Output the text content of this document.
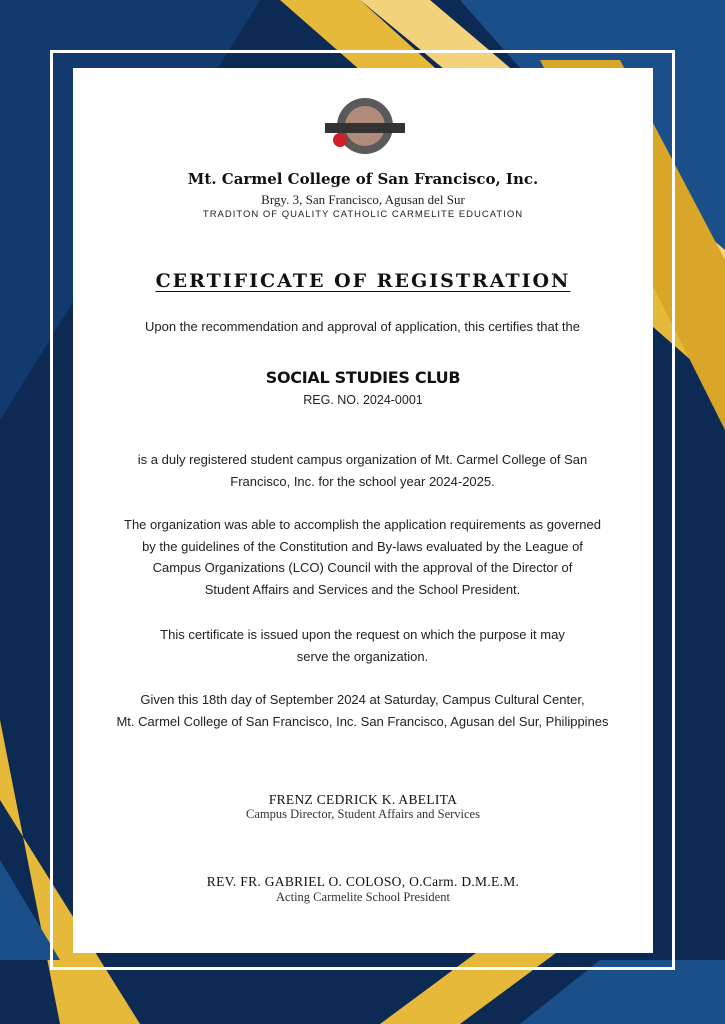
Mt. Carmel College of San Francisco, Inc.
Brgy. 3, San Francisco, Agusan del Sur
TRADITON OF QUALITY CATHOLIC CARMELITE EDUCATION
CERTIFICATE OF REGISTRATION
Upon the recommendation and approval of application, this certifies that the
SOCIAL STUDIES CLUB
REG. NO. 2024-0001
is a duly registered student campus organization of Mt. Carmel College of San
Francisco, Inc. for the school year 2024-2025.
The organization was able to accomplish the application requirements as governed
by the guidelines of the Constitution and By-laws evaluated by the League of
Campus Organizations (LCO) Council with the approval of the Director of
Student Affairs and Services and the School President.
This certificate is issued upon the request on which the purpose it may
serve the organization.
Given this 18th day of September 2024 at Saturday, Campus Cultural Center,
Mt. Carmel College of San Francisco, Inc. San Francisco, Agusan del Sur, Philippines
FRENZ CEDRICK K. ABELITA
Campus Director, Student Affairs and Services
REV. FR. GABRIEL O. COLOSO, O.Carm. D.M.E.M.
Acting Carmelite School President
